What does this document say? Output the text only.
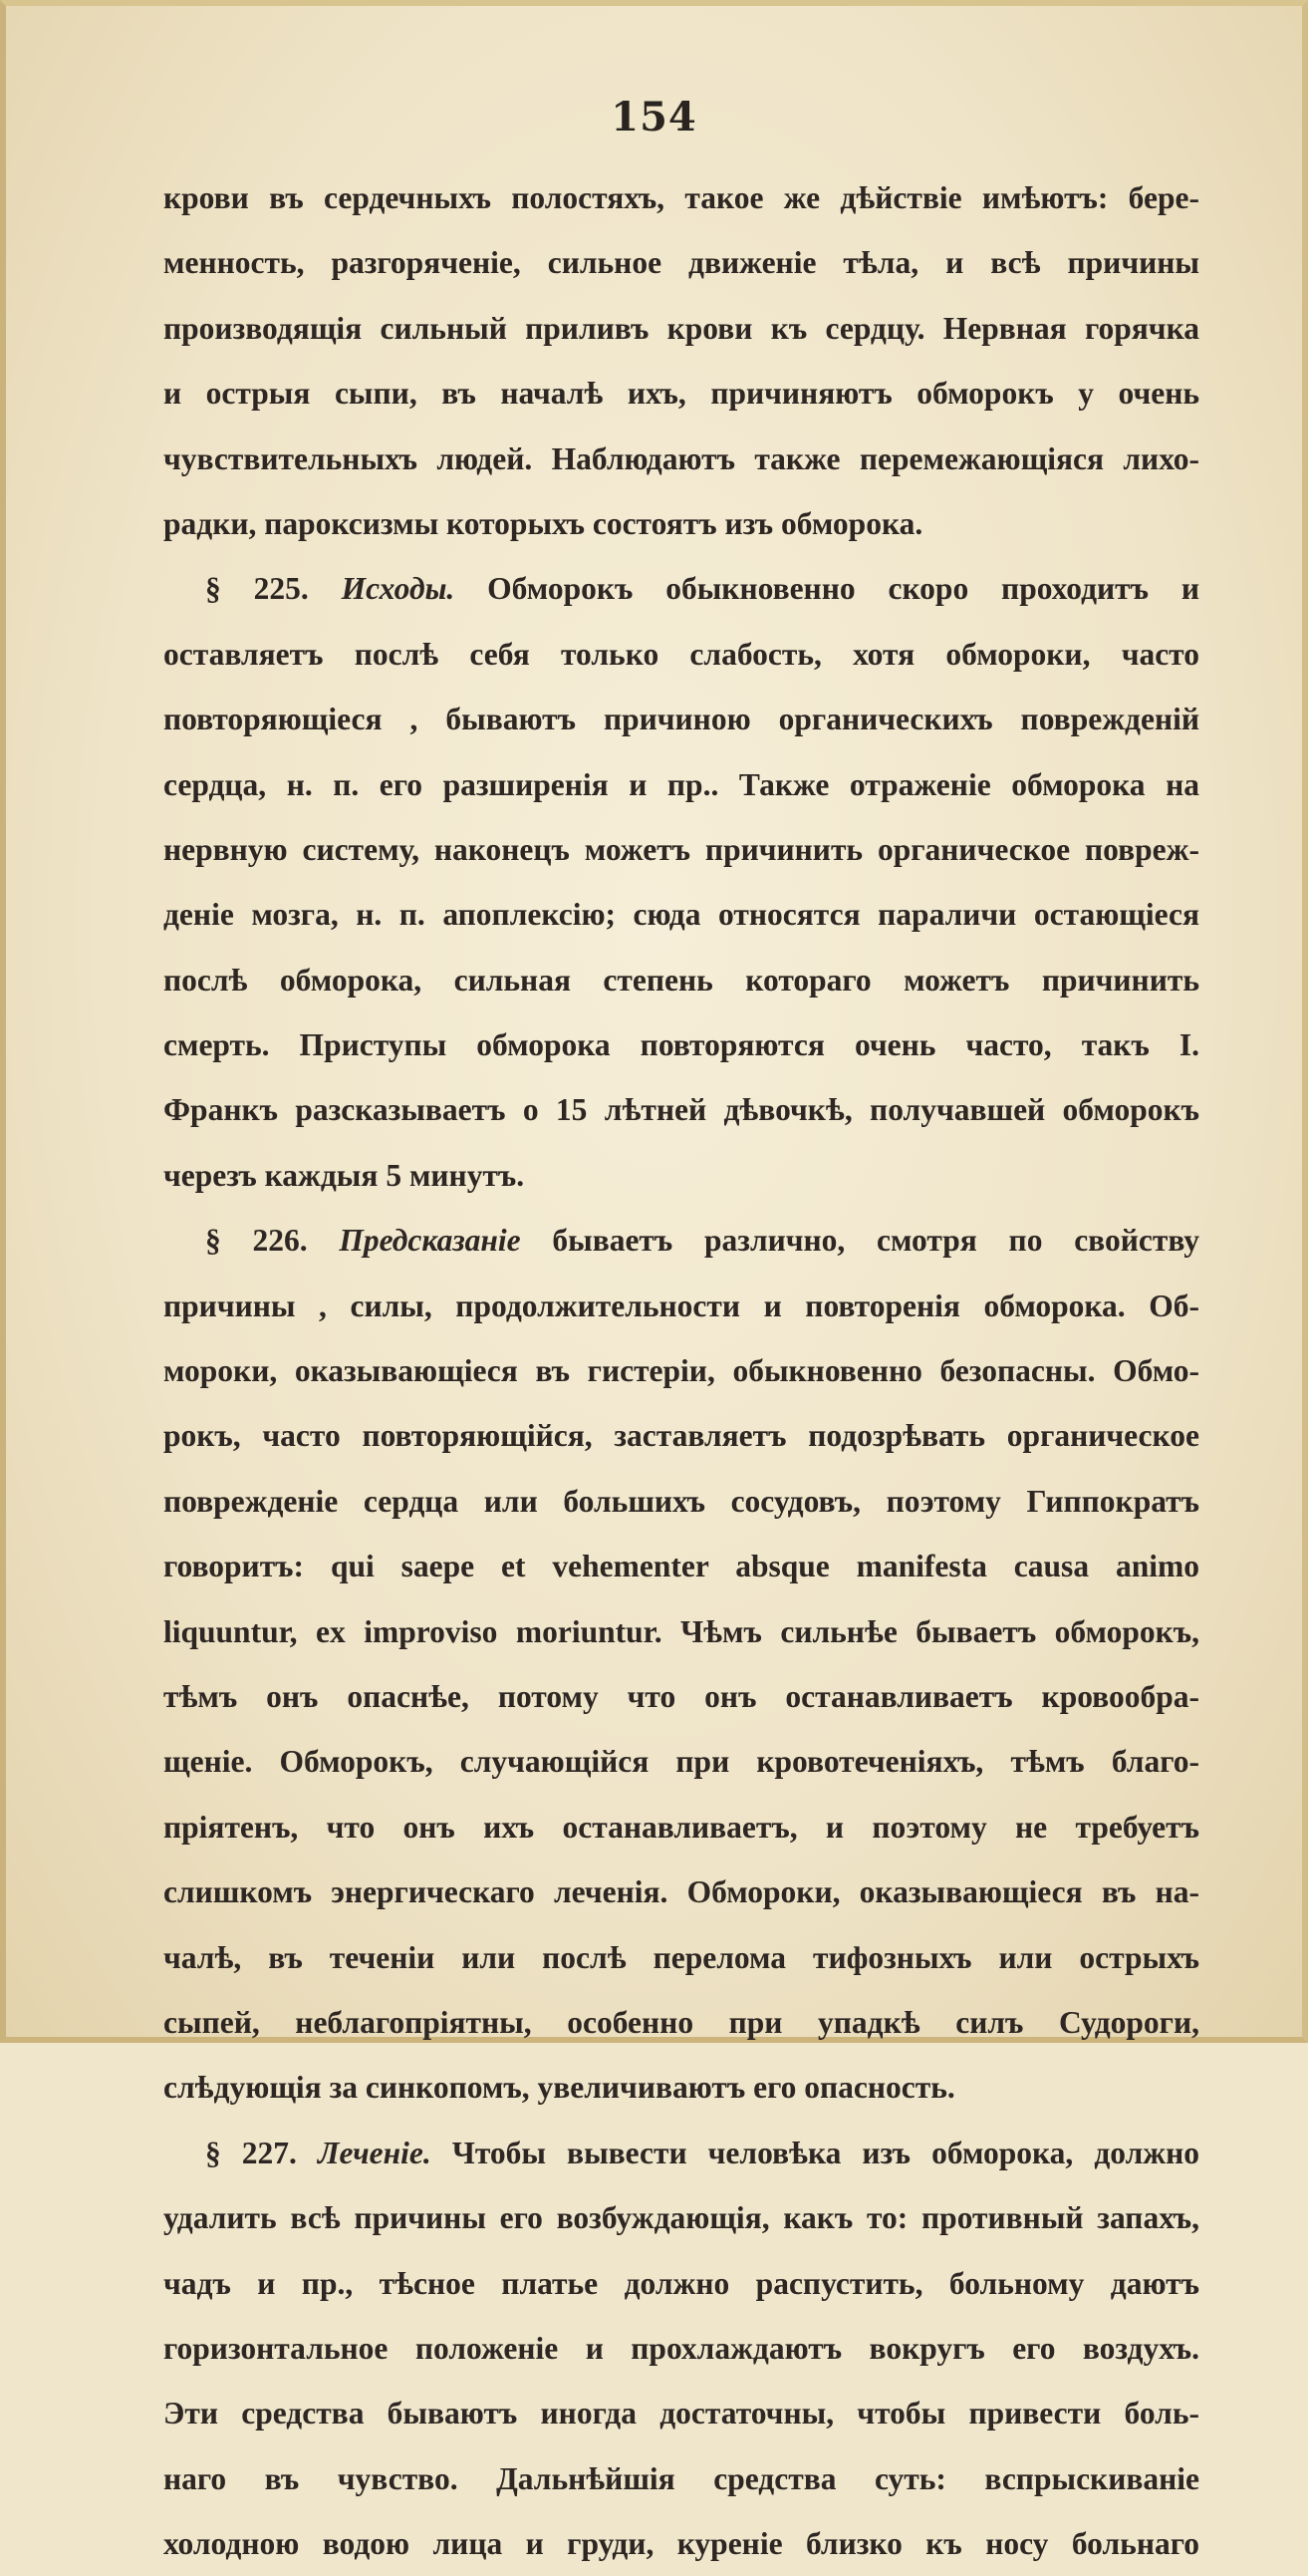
154
крови въ сердечныхъ полостяхъ, такое же дѣйствіе имѣютъ: бере-
менность, разгоряченіе, сильное движеніе тѣла, и всѣ причины
производящія сильный приливъ крови къ сердцу. Нервная горячка
и острыя сыпи, въ началѣ ихъ, причиняютъ обморокъ у очень
чувствительныхъ людей. Наблюдаютъ также перемежающіяся лихо-
радки, пароксизмы которыхъ состоятъ изъ обморока.
§ 225. Исходы. Обморокъ обыкновенно скоро проходитъ и
оставляетъ послѣ себя только слабость, хотя обмороки, часто
повторяющіеся , бываютъ причиною органическихъ поврежденій
сердца, н. п. его разширенія и пр.. Также отраженіе обморока на
нервную систему, наконецъ можетъ причинить органическое повреж-
деніе мозга, н. п. апоплексію; сюда относятся параличи остающіеся
послѣ обморока, сильная степень котораго можетъ причинить
смерть. Приступы обморока повторяются очень часто, такъ І.
Франкъ разсказываетъ о 15 лѣтней дѣвочкѣ, получавшей обморокъ
черезъ каждыя 5 минутъ.
§ 226. Предсказаніе бываетъ различно, смотря по свойству
причины , силы, продолжительности и повторенія обморока. Об-
мороки, оказывающіеся въ гистеріи, обыкновенно безопасны. Обмо-
рокъ, часто повторяющійся, заставляетъ подозрѣвать органическое
поврежденіе сердца или большихъ сосудовъ, поэтому Гиппократъ
говоритъ: qui saepe et vehementer absque manifesta causa animo
liquuntur, ex improviso moriuntur. Чѣмъ сильнѣе бываетъ обморокъ,
тѣмъ онъ опаснѣе, потому что онъ останавливаетъ кровообра-
щеніе. Обморокъ, случающійся при кровотеченіяхъ, тѣмъ благо-
пріятенъ, что онъ ихъ останавливаетъ, и поэтому не требуетъ
слишкомъ энергическаго леченія. Обмороки, оказывающіеся въ на-
чалѣ, въ теченіи или послѣ перелома тифозныхъ или острыхъ
сыпей, неблагопріятны, особенно при упадкѣ силъ Судороги,
слѣдующія за синкопомъ, увеличиваютъ его опасность.
§ 227. Леченіе. Чтобы вывести человѣка изъ обморока, должно
удалить всѣ причины его возбуждающія, какъ то: противный запахъ,
чадъ и пр., тѣсное платье должно распустить, больному даютъ
горизонтальное положеніе и прохлаждаютъ вокругъ его воздухъ.
Эти средства бываютъ иногда достаточны, чтобы привести боль-
наго въ чувство. Дальнѣйшія средства суть: вспрыскиваніе
холодною водою лица и груди, куреніе близко къ носу больнаго
